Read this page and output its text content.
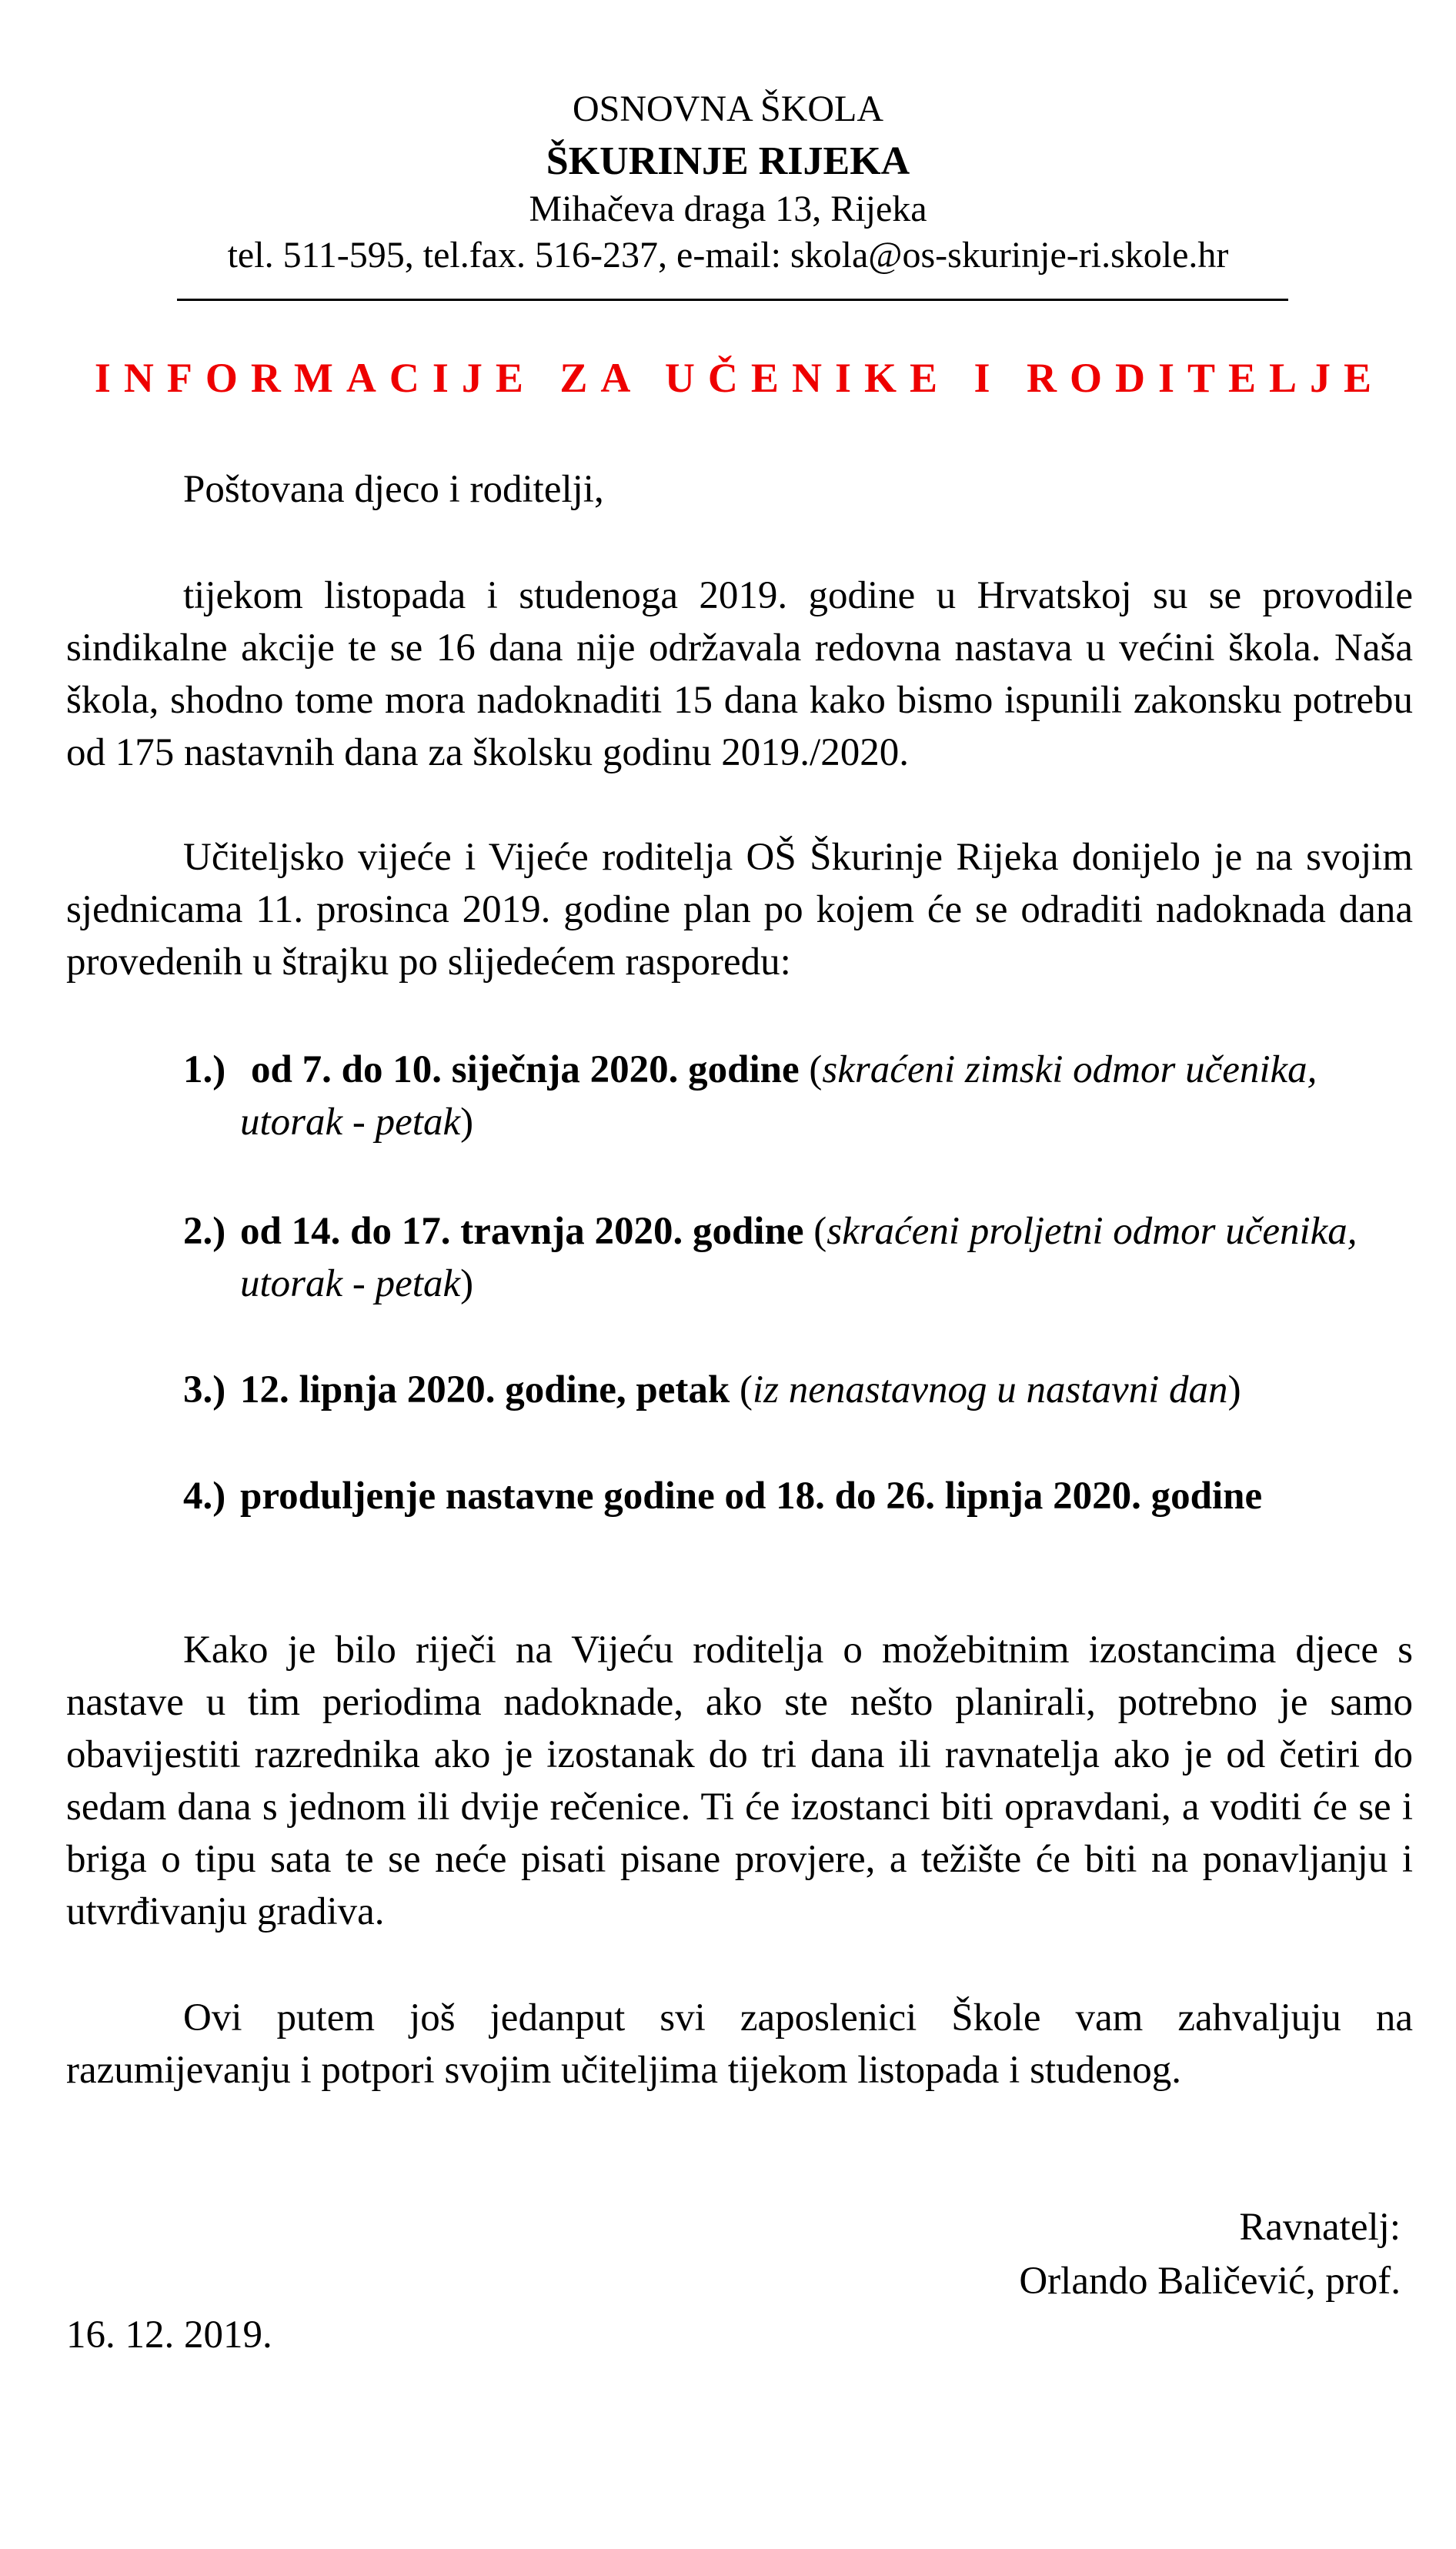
OSNOVNA ŠKOLA
ŠKURINJE RIJEKA
Mihačeva draga 13, Rijeka
tel. 511-595, tel.fax. 516-237, e-mail: skola@os-skurinje-ri.skole.hr
INFORMACIJE ZA UČENIKE I RODITELJE
Poštovana djeco i roditelji,
tijekom listopada i studenoga 2019. godine u Hrvatskoj su se provodile sindikalne akcije te se 16 dana nije održavala redovna nastava u većini škola. Naša škola, shodno tome mora nadoknaditi 15 dana kako bismo ispunili zakonsku potrebu od 175 nastavnih dana za školsku godinu 2019./2020.
Učiteljsko vijeće i Vijeće roditelja OŠ Škurinje Rijeka donijelo je na svojim sjednicama 11. prosinca 2019. godine plan po kojem će se odraditi nadoknada dana provedenih u štrajku po slijedećem rasporedu:
1.) od 7. do 10. siječnja 2020. godine (skraćeni zimski odmor učenika, utorak - petak)
2.) od 14. do 17. travnja 2020. godine (skraćeni proljetni odmor učenika, utorak - petak)
3.) 12. lipnja 2020. godine, petak (iz nenastavnog u nastavni dan)
4.) produljenje nastavne godine od 18. do 26. lipnja 2020. godine
Kako je bilo riječi na Vijeću roditelja o možebitnim izostancima djece s nastave u tim periodima nadoknade, ako ste nešto planirali, potrebno je samo obavijestiti razrednika ako je izostanak do tri dana ili ravnatelja ako je od četiri do sedam dana s jednom ili dvije rečenice. Ti će izostanci biti opravdani, a voditi će se i briga o tipu sata te se neće pisati pisane provjere, a težište će biti na ponavljanju i utvrđivanju gradiva.
Ovi putem još jedanput svi zaposlenici Škole vam zahvaljuju na razumijevanju i potpori svojim učiteljima tijekom listopada i studenog.
Ravnatelj:
Orlando Baličević, prof.
16. 12. 2019.
